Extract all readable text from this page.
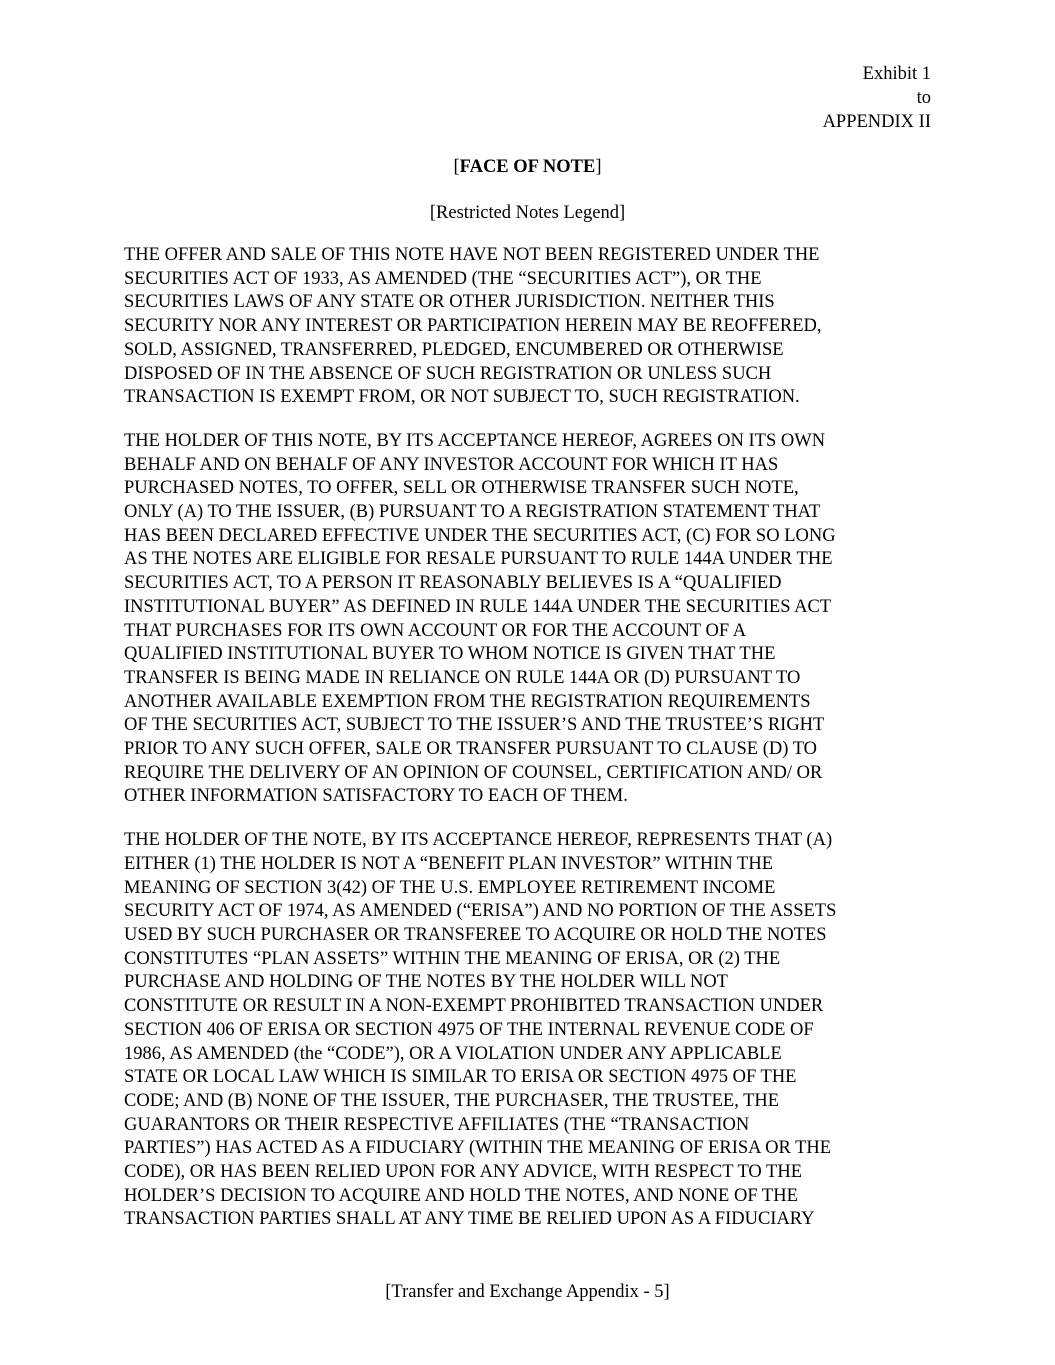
Exhibit 1
to
APPENDIX II
[FACE OF NOTE]
[Restricted Notes Legend]
THE OFFER AND SALE OF THIS NOTE HAVE NOT BEEN REGISTERED UNDER THE
SECURITIES ACT OF 1933, AS AMENDED (THE “SECURITIES ACT”), OR THE
SECURITIES LAWS OF ANY STATE OR OTHER JURISDICTION. NEITHER THIS
SECURITY NOR ANY INTEREST OR PARTICIPATION HEREIN MAY BE REOFFERED,
SOLD, ASSIGNED, TRANSFERRED, PLEDGED, ENCUMBERED OR OTHERWISE
DISPOSED OF IN THE ABSENCE OF SUCH REGISTRATION OR UNLESS SUCH
TRANSACTION IS EXEMPT FROM, OR NOT SUBJECT TO, SUCH REGISTRATION.
THE HOLDER OF THIS NOTE, BY ITS ACCEPTANCE HEREOF, AGREES ON ITS OWN
BEHALF AND ON BEHALF OF ANY INVESTOR ACCOUNT FOR WHICH IT HAS
PURCHASED NOTES, TO OFFER, SELL OR OTHERWISE TRANSFER SUCH NOTE,
ONLY (A) TO THE ISSUER, (B) PURSUANT TO A REGISTRATION STATEMENT THAT
HAS BEEN DECLARED EFFECTIVE UNDER THE SECURITIES ACT, (C) FOR SO LONG
AS THE NOTES ARE ELIGIBLE FOR RESALE PURSUANT TO RULE 144A UNDER THE
SECURITIES ACT, TO A PERSON IT REASONABLY BELIEVES IS A “QUALIFIED
INSTITUTIONAL BUYER” AS DEFINED IN RULE 144A UNDER THE SECURITIES ACT
THAT PURCHASES FOR ITS OWN ACCOUNT OR FOR THE ACCOUNT OF A
QUALIFIED INSTITUTIONAL BUYER TO WHOM NOTICE IS GIVEN THAT THE
TRANSFER IS BEING MADE IN RELIANCE ON RULE 144A OR (D) PURSUANT TO
ANOTHER AVAILABLE EXEMPTION FROM THE REGISTRATION REQUIREMENTS
OF THE SECURITIES ACT, SUBJECT TO THE ISSUER’S AND THE TRUSTEE’S RIGHT
PRIOR TO ANY SUCH OFFER, SALE OR TRANSFER PURSUANT TO CLAUSE (D) TO
REQUIRE THE DELIVERY OF AN OPINION OF COUNSEL, CERTIFICATION AND/ OR
OTHER INFORMATION SATISFACTORY TO EACH OF THEM.
THE HOLDER OF THE NOTE, BY ITS ACCEPTANCE HEREOF, REPRESENTS THAT (A)
EITHER (1) THE HOLDER IS NOT A “BENEFIT PLAN INVESTOR” WITHIN THE
MEANING OF SECTION 3(42) OF THE U.S. EMPLOYEE RETIREMENT INCOME
SECURITY ACT OF 1974, AS AMENDED (“ERISA”) AND NO PORTION OF THE ASSETS
USED BY SUCH PURCHASER OR TRANSFEREE TO ACQUIRE OR HOLD THE NOTES
CONSTITUTES “PLAN ASSETS” WITHIN THE MEANING OF ERISA, OR (2) THE
PURCHASE AND HOLDING OF THE NOTES BY THE HOLDER WILL NOT
CONSTITUTE OR RESULT IN A NON-EXEMPT PROHIBITED TRANSACTION UNDER
SECTION 406 OF ERISA OR SECTION 4975 OF THE INTERNAL REVENUE CODE OF
1986, AS AMENDED (the “CODE”), OR A VIOLATION UNDER ANY APPLICABLE
STATE OR LOCAL LAW WHICH IS SIMILAR TO ERISA OR SECTION 4975 OF THE
CODE; AND (B) NONE OF THE ISSUER, THE PURCHASER, THE TRUSTEE, THE
GUARANTORS OR THEIR RESPECTIVE AFFILIATES (THE “TRANSACTION
PARTIES”) HAS ACTED AS A FIDUCIARY (WITHIN THE MEANING OF ERISA OR THE
CODE), OR HAS BEEN RELIED UPON FOR ANY ADVICE, WITH RESPECT TO THE
HOLDER’S DECISION TO ACQUIRE AND HOLD THE NOTES, AND NONE OF THE
TRANSACTION PARTIES SHALL AT ANY TIME BE RELIED UPON AS A FIDUCIARY
[Transfer and Exchange Appendix - 5]
